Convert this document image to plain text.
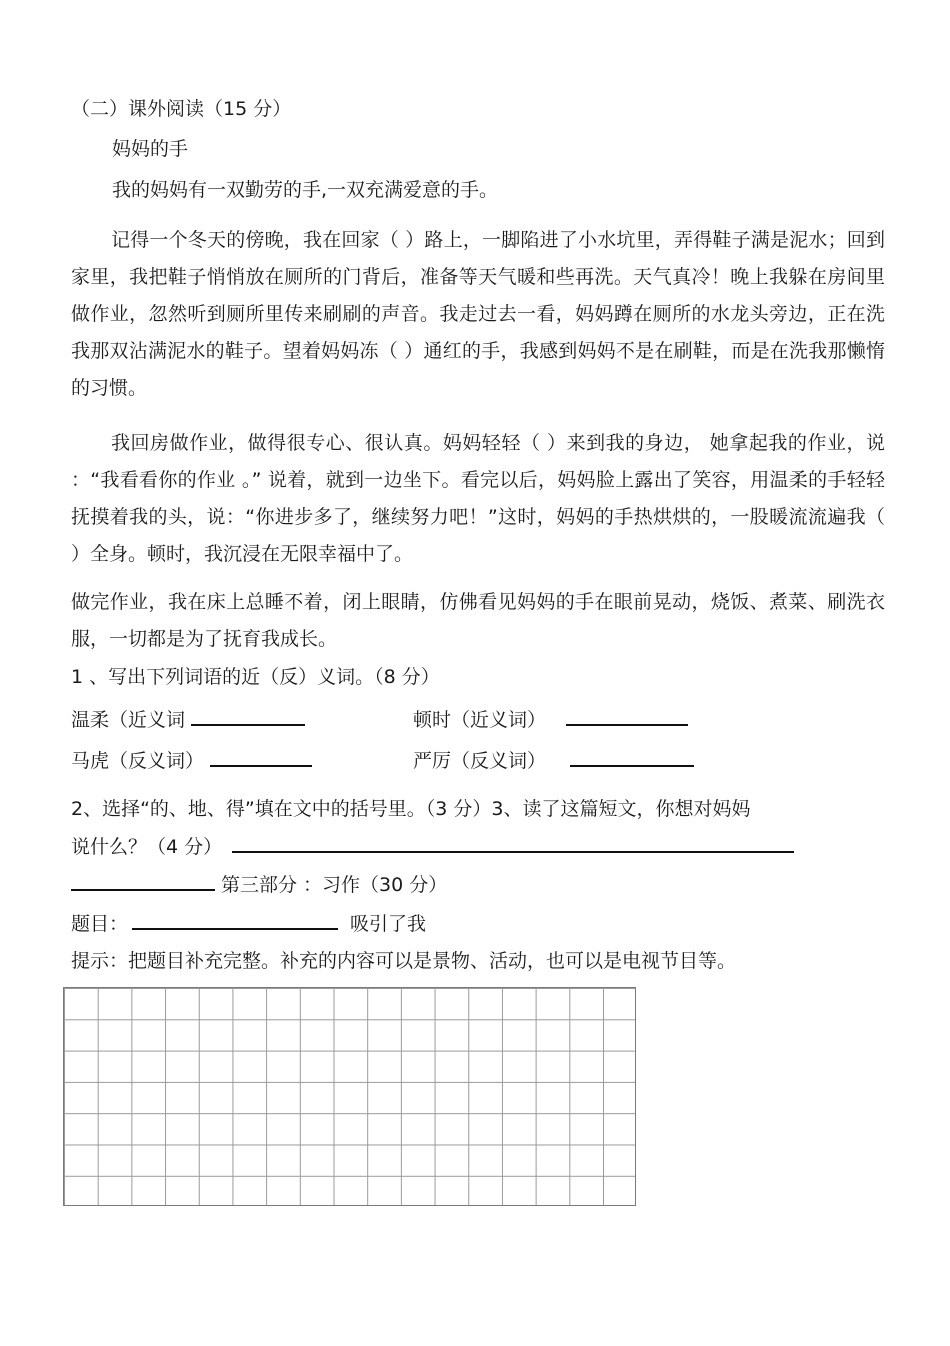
（二）课外阅读（15 分）
妈妈的手
我的妈妈有一双勤劳的手,一双充满爱意的手。
记得一个冬天的傍晚，我在回家（ ）路上，一脚陷进了小水坑里，弄得鞋子满是泥水；回到家里，我把鞋子悄悄放在厕所的门背后，准备等天气暖和些再洗。天气真冷！晚上我躲在房间里做作业，忽然听到厕所里传来刷刷的声音。我走过去一看，妈妈蹲在厕所的水龙头旁边，正在洗我那双沾满泥水的鞋子。望着妈妈冻（ ）通红的手，我感到妈妈不是在刷鞋，而是在洗我那懒惰的习惯。
我回房做作业，做得很专心、很认真。妈妈轻轻（ ）来到我的身边， 她拿起我的作业，说 ：“我看看你的作业 。” 说着，就到一边坐下。看完以后，妈妈脸上露出了笑容，用温柔的手轻轻抚摸着我的头，说：“你进步多了，继续努力吧！”这时，妈妈的手热烘烘的，一股暖流流遍我（ ）全身。顿时，我沉浸在无限幸福中了。
做完作业，我在床上总睡不着，闭上眼睛，仿佛看见妈妈的手在眼前晃动，烧饭、煮菜、刷洗衣服，一切都是为了抚育我成长。
1 、写出下列词语的近（反）义词。（8 分）
温柔（近义词	顿时（近义词）
马虎（反义词）	严厉（反义词）
2、选择“的、地、得”填在文中的括号里。（3 分）3、读了这篇短文，你想对妈妈
说什么？（4 分）
第三部分 ：习作（30 分）
题目：	吸引了我
提示：把题目补充完整。补充的内容可以是景物、活动，也可以是电视节目等。
